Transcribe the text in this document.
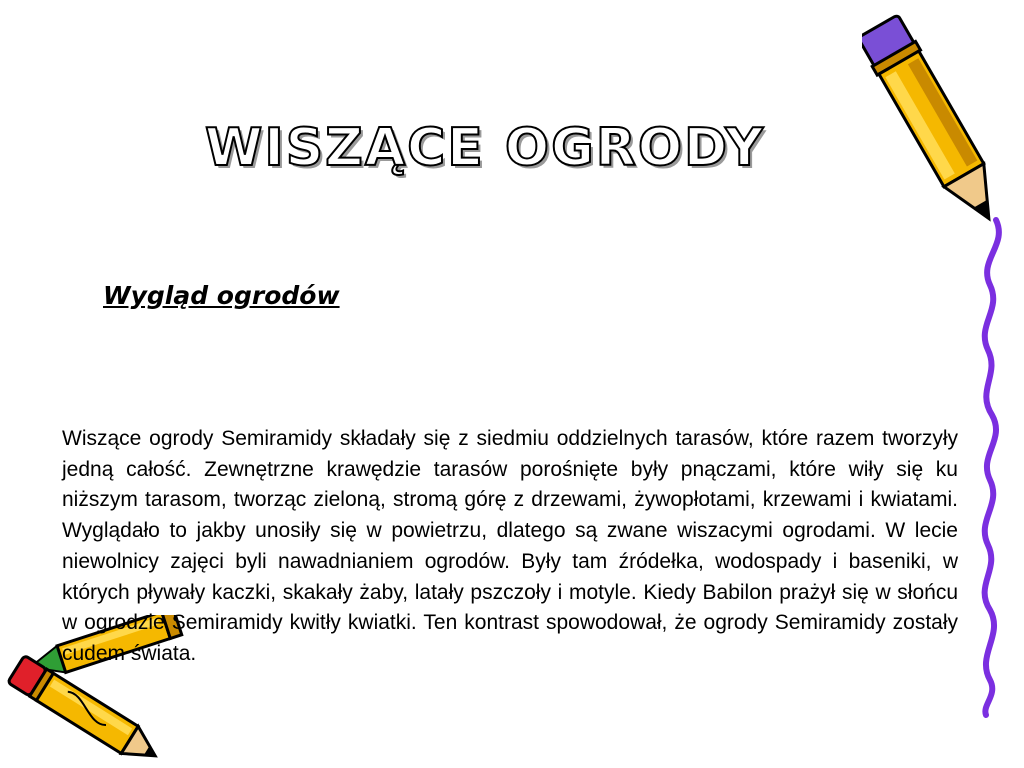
WISZĄCE OGRODY
Wygląd ogrodów

Wiszące ogrody Semiramidy składały się z siedmiu oddzielnych tarasów, które razem tworzyły jedną całość. Zewnętrzne krawędzie tarasów porośnięte były pnączami, które wiły się ku niższym tarasom, tworząc zieloną, stromą górę z drzewami, żywopłotami, krzewami i kwiatami. Wyglądało to jakby unosiły się w powietrzu, dlatego są zwane wiszacymi ogrodami. W lecie niewolnicy zajęci byli nawadnianiem ogrodów. Były tam źródełka, wodospady i baseniki, w których pływały kaczki, skakały żaby, latały pszczoły i motyle. Kiedy Babilon prażył się w słońcu w ogrodzie Semiramidy kwitły kwiatki. Ten kontrast spowodował, że ogrody Semiramidy zostały cudem świata.
